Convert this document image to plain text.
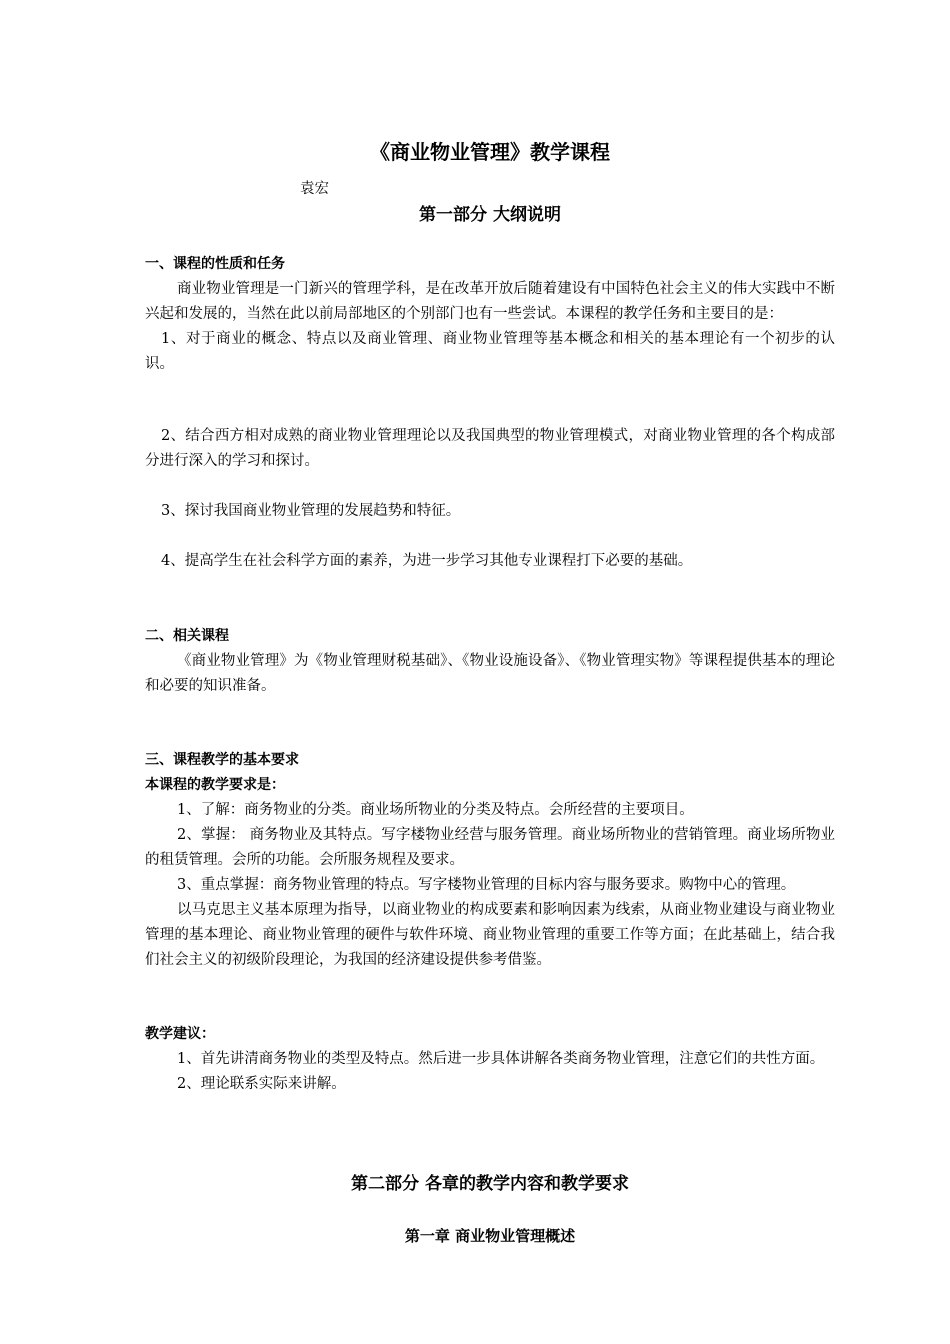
《商业物业管理》教学课程
袁宏
第一部分 大纲说明

一、课程的性质和任务

商业物业管理是一门新兴的管理学科，是在改革开放后随着建设有中国特色社会主义的伟大实践中不断兴起和发展的，当然在此以前局部地区的个别部门也有一些尝试。本课程的教学任务和主要目的是：

1、对于商业的概念、特点以及商业管理、商业物业管理等基本概念和相关的基本理论有一个初步的认识。

2、结合西方相对成熟的商业物业管理理论以及我国典型的物业管理模式，对商业物业管理的各个构成部分进行深入的学习和探讨。

3、探讨我国商业物业管理的发展趋势和特征。

4、提高学生在社会科学方面的素养，为进一步学习其他专业课程打下必要的基础。

二、相关课程

《商业物业管理》为《物业管理财税基础》、《物业设施设备》、《物业管理实物》等课程提供基本的理论和必要的知识准备。

三、课程教学的基本要求

本课程的教学要求是：

1、了解：商务物业的分类。商业场所物业的分类及特点。会所经营的主要项目。

2、掌握： 商务物业及其特点。写字楼物业经营与服务管理。商业场所物业的营销管理。商业场所物业的租赁管理。会所的功能。会所服务规程及要求。

3、重点掌握：商务物业管理的特点。写字楼物业管理的目标内容与服务要求。购物中心的管理。

以马克思主义基本原理为指导，以商业物业的构成要素和影响因素为线索，从商业物业建设与商业物业管理的基本理论、商业物业管理的硬件与软件环境、商业物业管理的重要工作等方面；在此基础上，结合我们社会主义的初级阶段理论，为我国的经济建设提供参考借鉴。

教学建议：

1、首先讲清商务物业的类型及特点。然后进一步具体讲解各类商务物业管理，注意它们的共性方面。

2、理论联系实际来讲解。

第二部分 各章的教学内容和教学要求
第一章 商业物业管理概述
